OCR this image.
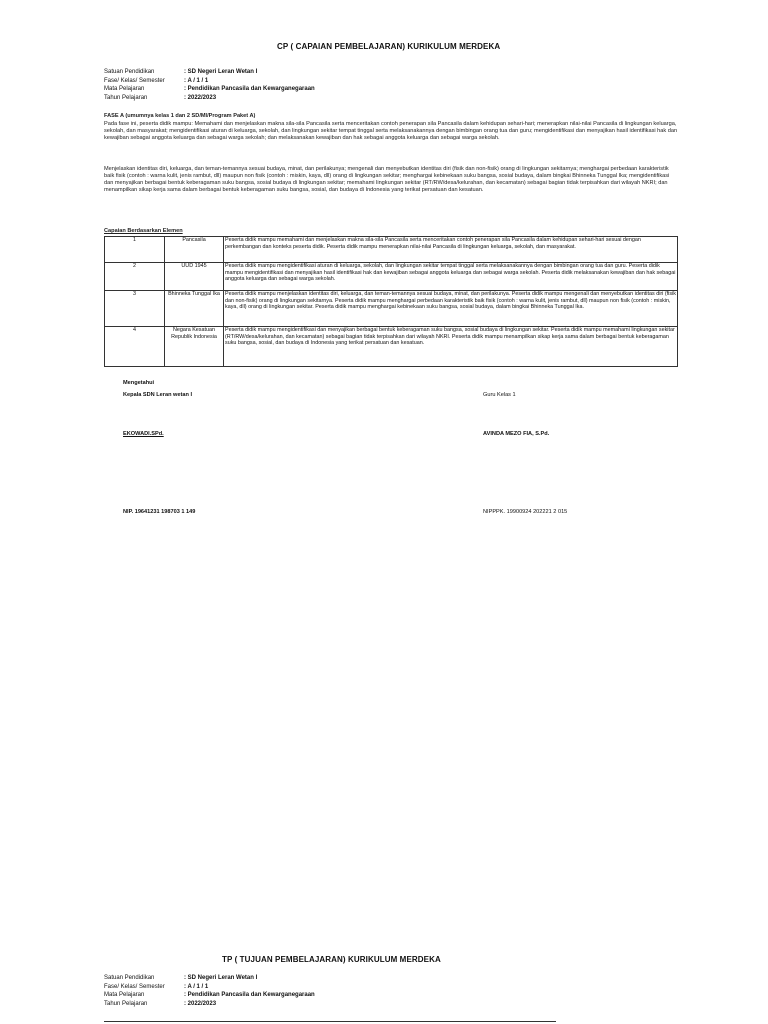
CP ( CAPAIAN PEMBELAJARAN) KURIKULUM MERDEKA
Satuan Pendidikan	: SD Negeri Leran Wetan I
Fase/ Kelas/ Semester	: A / 1 / 1
Mata Pelajaran	: Pendidikan Pancasila dan Kewarganegaraan
Tahun Pelajaran	: 2022/2023
FASE A (umumnya kelas 1 dan 2 SD/MI/Program Paket A)
Pada fase ini, peserta didik mampu: Memahami dan menjelaskan makna sila-sila Pancasila serta menceritakan contoh penerapan sila Pancasila dalam kehidupan sehari-hari; menerapkan nilai-nilai Pancasila di lingkungan keluarga, sekolah, dan masyarakat; mengidentifikasi aturan di keluarga, sekolah, dan lingkungan sekitar tempat tinggal serta melaksanakannya dengan bimbingan orang tua dan guru; mengidentifikasi dan menyajikan hasil identifikasi hak dan kewajiban sebagai anggota keluarga dan sebagai warga sekolah; dan melaksanakan kewajiban dan hak sebagai anggota keluarga dan sebagai warga sekolah.
Menjelaskan identitas diri, keluarga, dan teman-temannya sesuai budaya, minat, dan perilakunya; mengenali dan menyebutkan identitas diri (fisik dan non-fisik) orang di lingkungan sekitarnya; menghargai perbedaan karakteristik baik fisik (contoh : warna kulit, jenis rambut, dll) maupun non fisik (contoh : miskin, kaya, dll) orang di lingkungan sekitar; menghargai kebinekaan suku bangsa, sosial budaya, dalam bingkai Bhinneka Tunggal Ika; mengidentifikasi dan menyajikan berbagai bentuk keberagaman suku bangsa, sosial budaya di lingkungan sekitar; memahami lingkungan sekitar (RT/RW/desa/kelurahan, dan kecamatan) sebagai bagian tidak terpisahkan dari wilayah NKRI; dan menampilkan sikap kerja sama dalam berbagai bentuk keberagaman suku bangsa, sosial, dan budaya di Indonesia yang terikat persatuan dan kesatuan.
Capaian Berdasarkan Elemen
1	Pancasila	Peserta didik mampu memahami dan menjelaskan makna sila-sila Pancasila serta menceritakan contoh penerapan sila Pancasila dalam kehidupan sehari-hari sesuai dengan perkembangan dan konteks peserta didik. Peserta didik mampu menerapkan nilai-nilai Pancasila di lingkungan keluarga, sekolah, dan masyarakat.
2	UUD 1945	Peserta didik mampu mengidentifikasi aturan di keluarga, sekolah, dan lingkungan sekitar tempat tinggal serta melaksanakannya dengan bimbingan orang tua dan guru. Peserta didik mampu mengidentifikasi dan menyajikan hasil identifikasi hak dan kewajiban sebagai anggota keluarga dan sebagai warga sekolah. Peserta didik melaksanakan kewajiban dan hak sebagai anggota keluarga dan sebagai warga sekolah.
3	Bhinneka Tunggal Ika	Peserta didik mampu menjelaskan identitas diri, keluarga, dan teman-temannya sesuai budaya, minat, dan perilakunya. Peserta didik mampu mengenali dan menyebutkan identitas diri (fisik dan non-fisik) orang di lingkungan sekitarnya. Peserta didik mampu menghargai perbedaan karakteristik baik fisik (contoh : warna kulit, jenis rambut, dll) maupun non fisik (contoh : miskin, kaya, dll) orang di lingkungan sekitar. Peserta didik mampu menghargai kebinekaan suku bangsa, sosial budaya, dalam bingkai Bhinneka Tunggal Ika.
4	Negara Kesatuan Republik Indonesia	Peserta didik mampu mengidentifikasi dan menyajikan berbagai bentuk keberagaman suku bangsa, sosial budaya di lingkungan sekitar. Peserta didik mampu memahami lingkungan sekitar (RT/RW/desa/kelurahan, dan kecamatan) sebagai bagian tidak terpisahkan dari wilayah NKRI. Peserta didik mampu menampilkan sikap kerja sama dalam berbagai bentuk keberagaman suku bangsa, sosial, dan budaya di Indonesia yang terikat persatuan dan kesatuan.
Mengetahui
Kepala SDN Leran wetan I	Guru Kelas 1
EKOWADI.SPd.	AVINDA MEZO FIA, S.Pd.
NIP. 19641231 198703 1 149	NIPPPK. 19900924 202221 2 015
TP ( TUJUAN PEMBELAJARAN) KURIKULUM MERDEKA
Satuan Pendidikan	: SD Negeri Leran Wetan I
Fase/ Kelas/ Semester	: A / 1 / 1
Mata Pelajaran	: Pendidikan Pancasila dan Kewarganegaraan
Tahun Pelajaran	: 2022/2023
